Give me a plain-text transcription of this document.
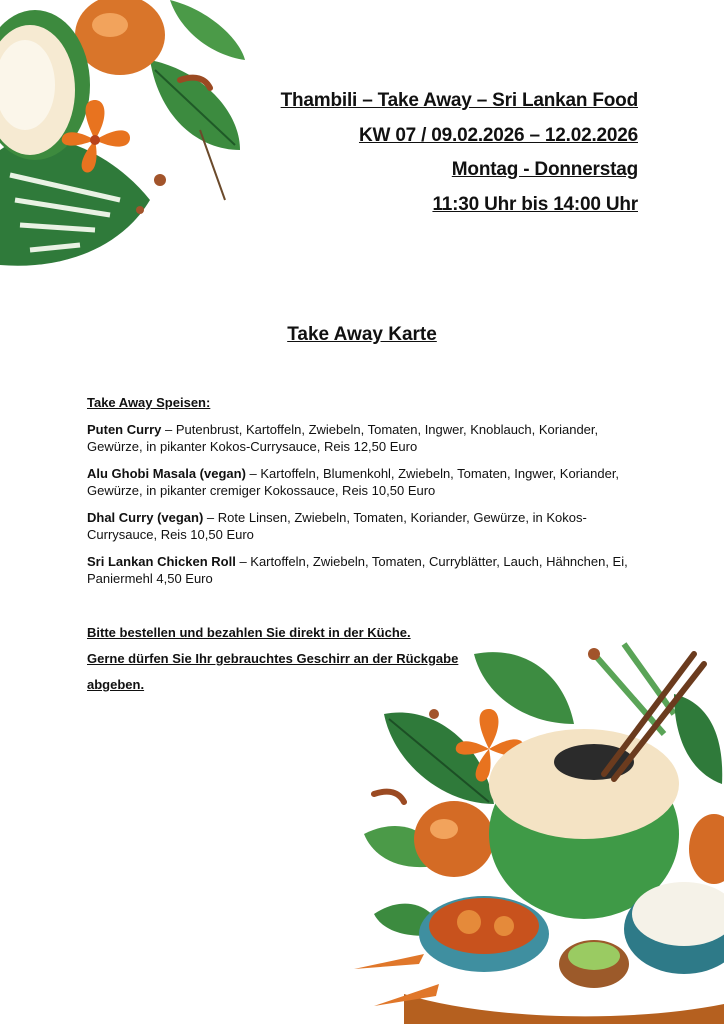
Thambili – Take Away – Sri Lankan Food
KW 07 / 09.02.2026 – 12.02.2026
Montag - Donnerstag
11:30 Uhr bis 14:00 Uhr
Take Away Karte
Take Away Speisen:
Puten Curry – Putenbrust, Kartoffeln, Zwiebeln, Tomaten, Ingwer, Knoblauch, Koriander, Gewürze, in pikanter Kokos-Currysauce, Reis 12,50 Euro
Alu Ghobi Masala (vegan) – Kartoffeln, Blumenkohl, Zwiebeln, Tomaten, Ingwer, Koriander, Gewürze, in pikanter cremiger Kokossauce, Reis 10,50 Euro
Dhal Curry (vegan) – Rote Linsen, Zwiebeln, Tomaten, Koriander, Gewürze, in Kokos-Currysauce, Reis 10,50 Euro
Sri Lankan Chicken Roll – Kartoffeln, Zwiebeln, Tomaten, Curryblätter, Lauch, Hähnchen, Ei, Paniermehl 4,50 Euro
Bitte bestellen und bezahlen Sie direkt in der Küche.
Gerne dürfen Sie Ihr gebrauchtes Geschirr an der Rückgabe
abgeben.
